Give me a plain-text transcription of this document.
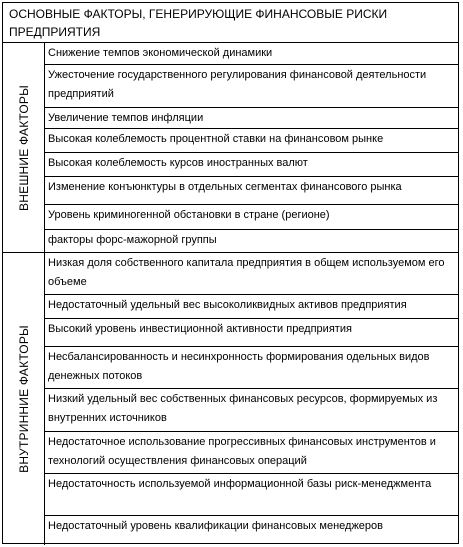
ОСНОВНЫЕ ФАКТОРЫ, ГЕНЕРИРУЮЩИЕ ФИНАНСОВЫЕ РИСКИ ПРЕДПРИЯТИЯ
ВНЕШНИЕ ФАКТОРЫ
Снижение темпов экономической динамики
Ужесточение государственного регулирования финансовой деятельности предприятий
Увеличение темпов инфляции
Высокая колеблемость процентной ставки на финансовом рынке
Высокая колеблемость курсов иностранных валют
Изменение конъюнктуры в отдельных сегментах финансового рынка
Уровень криминогенной обстановки в стране (регионе)
факторы форс-мажорной группы
ВНУТРИННИЕ ФАКТОРЫ
Низкая доля собственного капитала предприятия в общем используемом его объеме
Недостаточный удельный вес высоколиквидных активов предприятия
Высокий уровень инвестиционной активности предприятия
Несбалансированность и несинхронность формирования одельных видов денежных потоков
Низкий удельный вес собственных финансовых ресурсов, формируемых из внутренних источников
Недостаточное использование прогрессивных финансовых инструментов и технологий осуществления финансовых операций
Недостаточность используемой информационной базы риск-менеджмента
Недостаточный уровень квалификации финансовых менеджеров
